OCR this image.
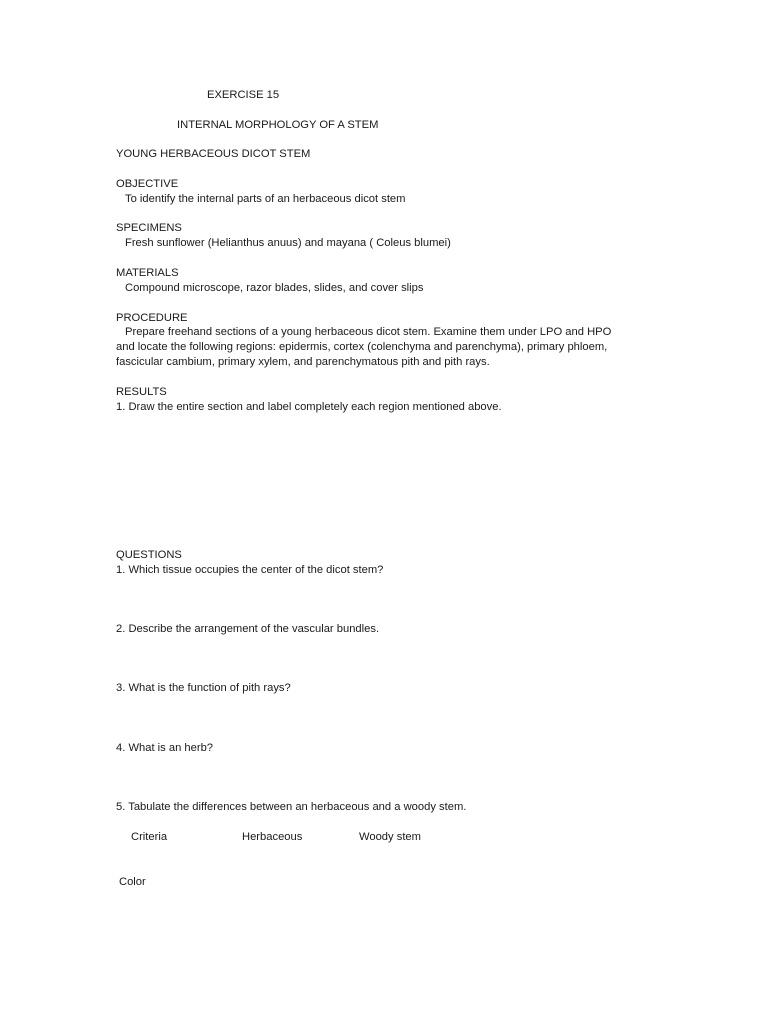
EXERCISE 15
INTERNAL MORPHOLOGY OF A STEM
YOUNG HERBACEOUS DICOT STEM
OBJECTIVE
To identify the internal parts of an herbaceous dicot stem
SPECIMENS
Fresh sunflower (Helianthus anuus) and mayana ( Coleus blumei)
MATERIALS
Compound microscope, razor blades, slides, and cover slips
PROCEDURE
Prepare freehand sections of a young herbaceous dicot stem. Examine them under LPO and HPO
and locate the following regions: epidermis, cortex (colenchyma and parenchyma), primary phloem,
fascicular cambium, primary xylem, and parenchymatous pith and pith rays.
RESULTS
1. Draw the entire section and label completely each region mentioned above.
QUESTIONS
1. Which tissue occupies the center of the dicot stem?
2. Describe the arrangement of the vascular bundles.
3. What is the function of pith rays?
4. What is an herb?
5. Tabulate the differences between an herbaceous and a woody stem.
Criteria	Herbaceous	Woody stem
Color
